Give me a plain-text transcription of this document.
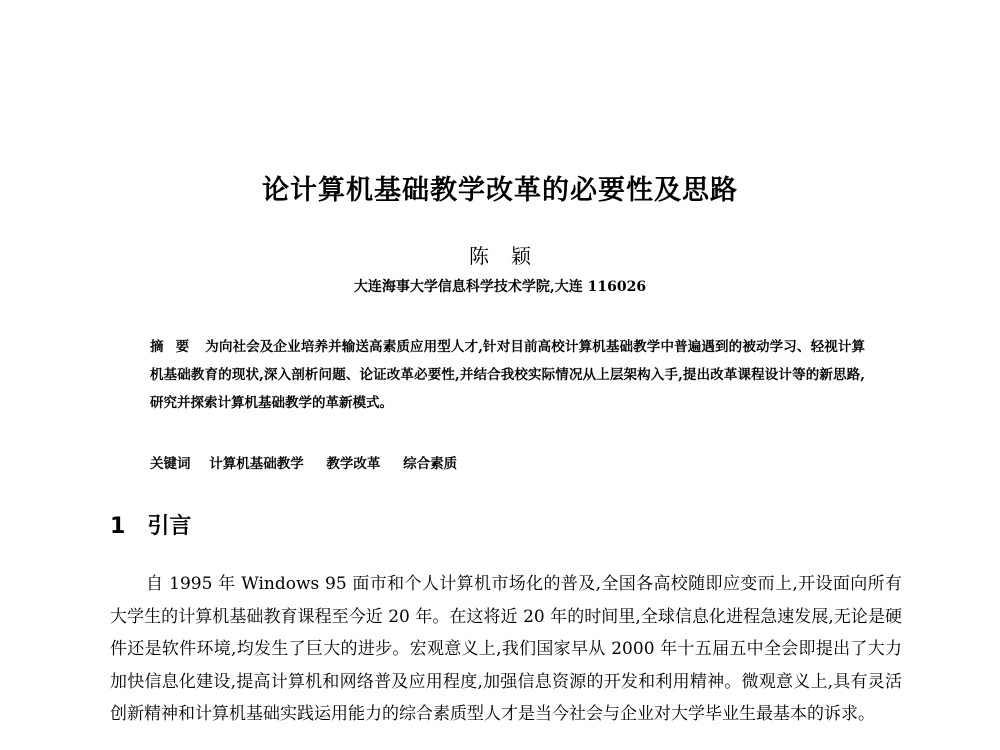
论计算机基础教学改革的必要性及思路
陈颖
大连海事大学信息科学技术学院,大连 116026
摘要 为向社会及企业培养并输送高素质应用型人才,针对目前高校计算机基础教学中普遍遇到的被动学习、轻视计算机基础教育的现状,深入剖析问题、论证改革必要性,并结合我校实际情况从上层架构入手,提出改革课程设计等的新思路,研究并探索计算机基础教学的革新模式。
关键词 计算机基础教学 教学改革 综合素质
1 引言
自 1995 年 Windows 95 面市和个人计算机市场化的普及,全国各高校随即应变而上,开设面向所有大学生的计算机基础教育课程至今近 20 年。在这将近 20 年的时间里,全球信息化进程急速发展,无论是硬件还是软件环境,均发生了巨大的进步。宏观意义上,我们国家早从 2000 年十五届五中全会即提出了大力加快信息化建设,提高计算机和网络普及应用程度,加强信息资源的开发和利用精神。微观意义上,具有灵活创新精神和计算机基础实践运用能力的综合素质型人才是当今社会与企业对大学毕业生最基本的诉求。
